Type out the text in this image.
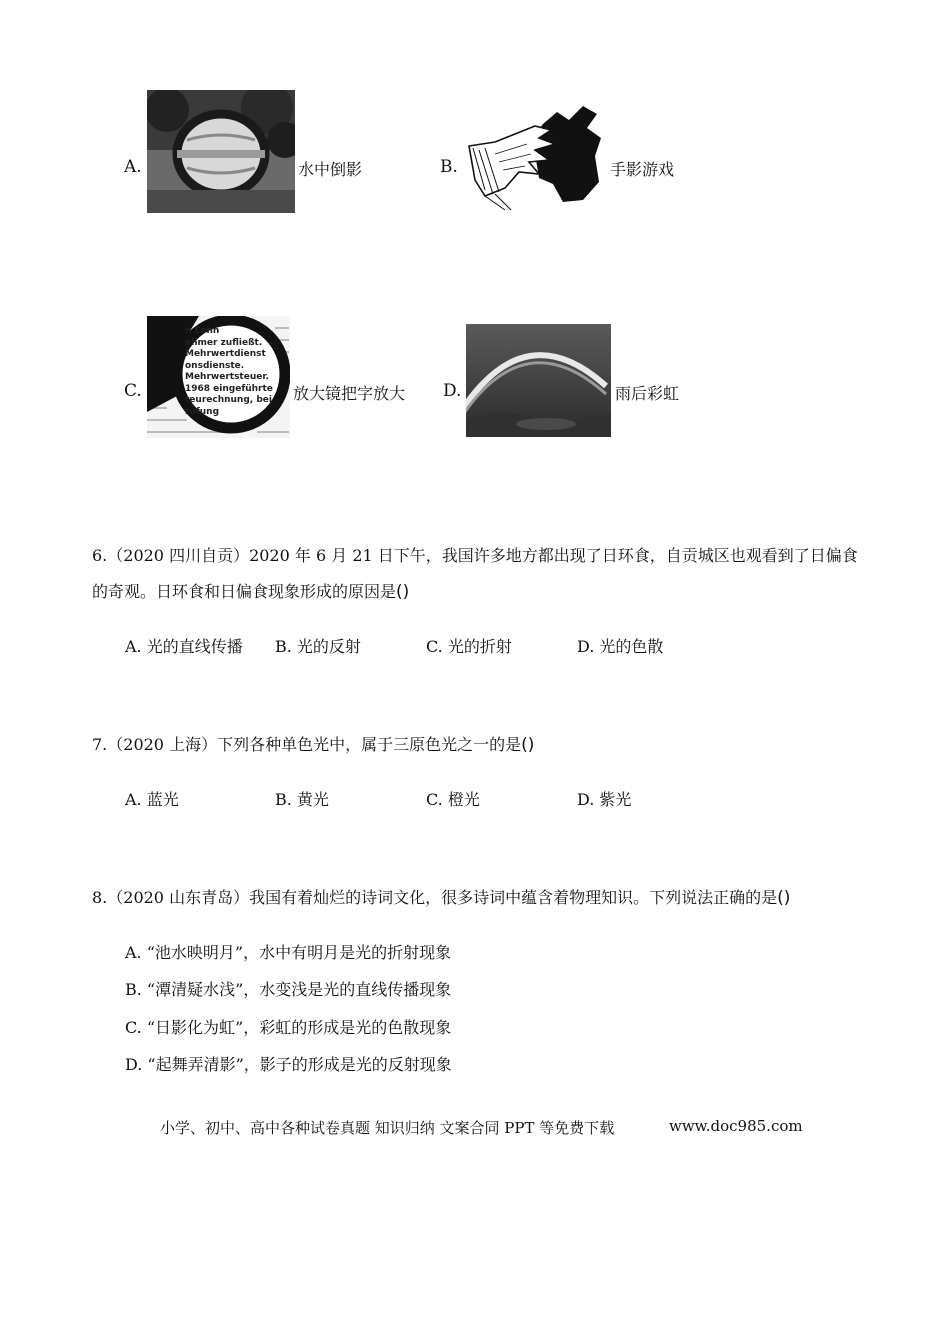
A.	水中倒影	B.	手影游戏
C.
n Lohn
ehmer zufließt.
Mehrwertdienst
onsdienste.
Mehrwertsteuer.
1968 eingeführte
teurechnung, bei
rufung
放大镜把字放大 D.	雨后彩虹
6.（2020 四川自贡）2020 年 6 月 21 日下午，我国许多地方都出现了日环食，自贡城区也观看到了日偏食
的奇观。日环食和日偏食现象形成的原因是()
A. 光的直线传播 B. 光的反射	C. 光的折射	D. 光的色散
7.（2020 上海）下列各种单色光中，属于三原色光之一的是()
A. 蓝光	B. 黄光	C. 橙光	D. 紫光
8.（2020 山东青岛）我国有着灿烂的诗词文化，很多诗词中蕴含着物理知识。下列说法正确的是()
A. “池水映明月”，水中有明月是光的折射现象
B. “潭清疑水浅”，水变浅是光的直线传播现象
C. “日影化为虹”，彩虹的形成是光的色散现象
D. “起舞弄清影”，影子的形成是光的反射现象
小学、初中、高中各种试卷真题 知识归纳 文案合同 PPT 等免费下载	www.doc985.com
